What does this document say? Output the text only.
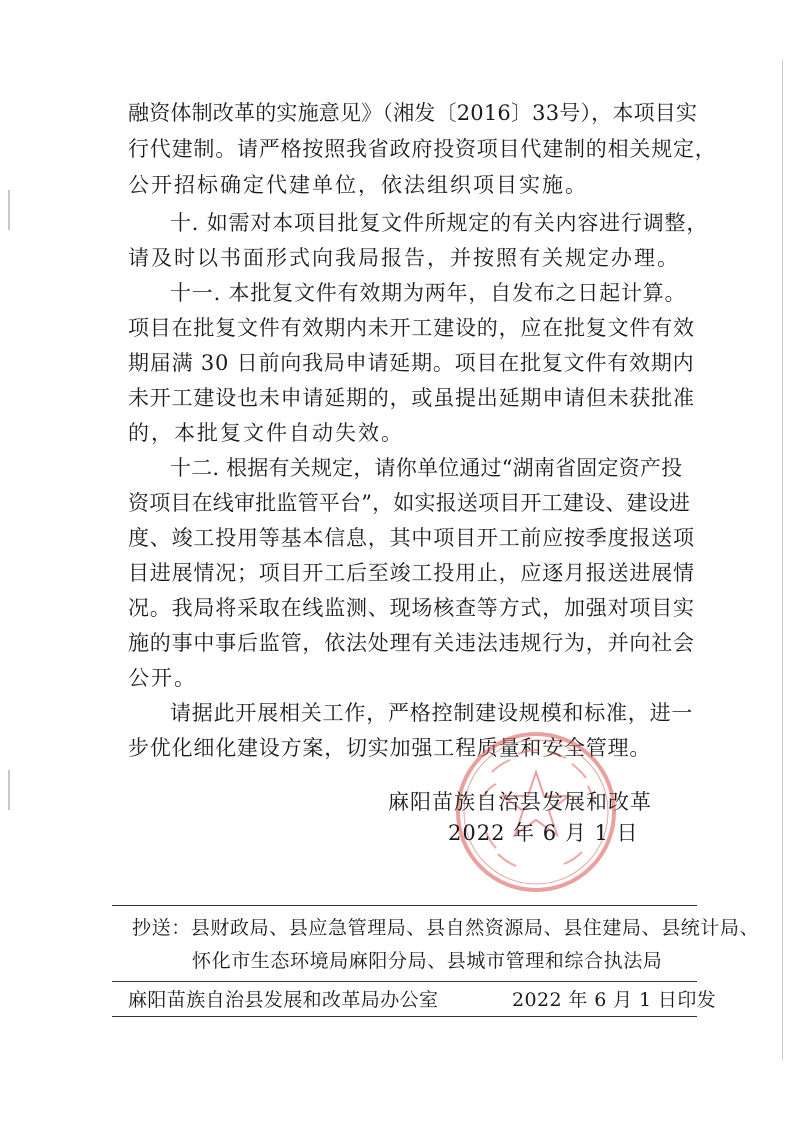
融资体制改革的实施意见》（湘发〔2016〕33号），本项目实
行代建制。请严格按照我省政府投资项目代建制的相关规定，
公开招标确定代建单位，依法组织项目实施。
十. 如需对本项目批复文件所规定的有关内容进行调整，
请及时以书面形式向我局报告，并按照有关规定办理。
十一. 本批复文件有效期为两年，自发布之日起计算。
项目在批复文件有效期内未开工建设的，应在批复文件有效
期届满 30 日前向我局申请延期。项目在批复文件有效期内
未开工建设也未申请延期的，或虽提出延期申请但未获批准
的，本批复文件自动失效。
十二. 根据有关规定，请你单位通过“湖南省固定资产投
资项目在线审批监管平台”，如实报送项目开工建设、建设进
度、竣工投用等基本信息，其中项目开工前应按季度报送项
目进展情况；项目开工后至竣工投用止，应逐月报送进展情
况。我局将采取在线监测、现场核查等方式，加强对项目实
施的事中事后监管，依法处理有关违法违规行为，并向社会
公开。
请据此开展相关工作，严格控制建设规模和标准，进一
步优化细化建设方案，切实加强工程质量和安全管理。
麻阳苗族自治县发展和改革
2022 年 6 月 1 日
抄送：县财政局、县应急管理局、县自然资源局、县住建局、县统计局、
怀化市生态环境局麻阳分局、县城市管理和综合执法局
麻阳苗族自治县发展和改革局办公室	2022 年 6 月 1 日印发
